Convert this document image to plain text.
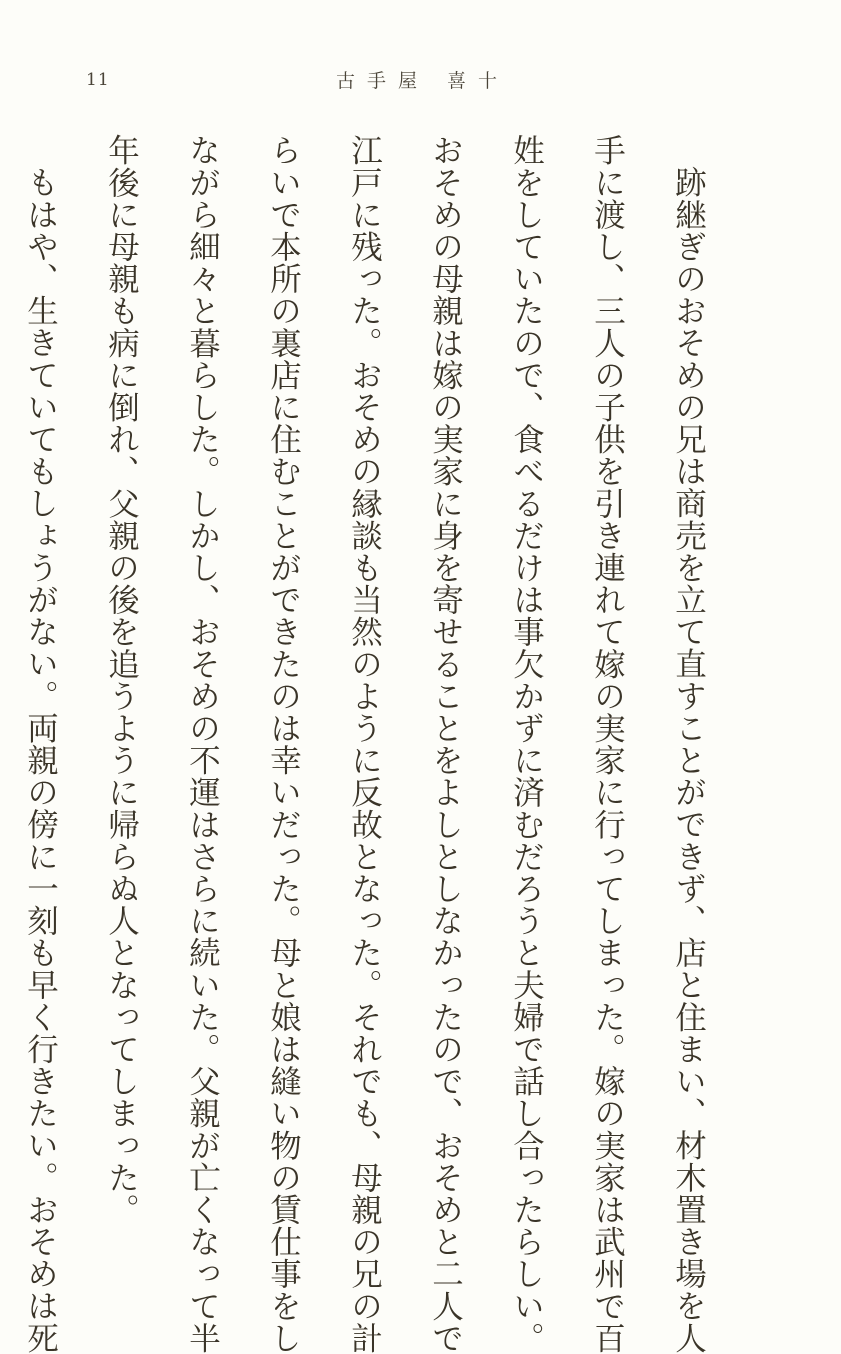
11	古手屋 喜十

跡継ぎのおそめの兄は商売を立て直すことができず、店と住まい、材木置き場を人

手に渡し、三人の子供を引き連れて嫁の実家に行ってしまった。嫁の実家は武州で百

姓をしていたので、食べるだけは事欠かずに済むだろうと夫婦で話し合ったらしい。

おそめの母親は嫁の実家に身を寄せることをよしとしなかったので、おそめと二人で

江戸に残った。おそめの縁談も当然のように反故となった。それでも、母親の兄の計

らいで本所の裏店に住むことができたのは幸いだった。母と娘は縫い物の賃仕事をし

ながら細々と暮らした。しかし、おそめの不運はさらに続いた。父親が亡くなって半

年後に母親も病に倒れ、父親の後を追うように帰らぬ人となってしまった。

もはや、生きていてもしょうがない。両親の傍に一刻も早く行きたい。おそめは死
